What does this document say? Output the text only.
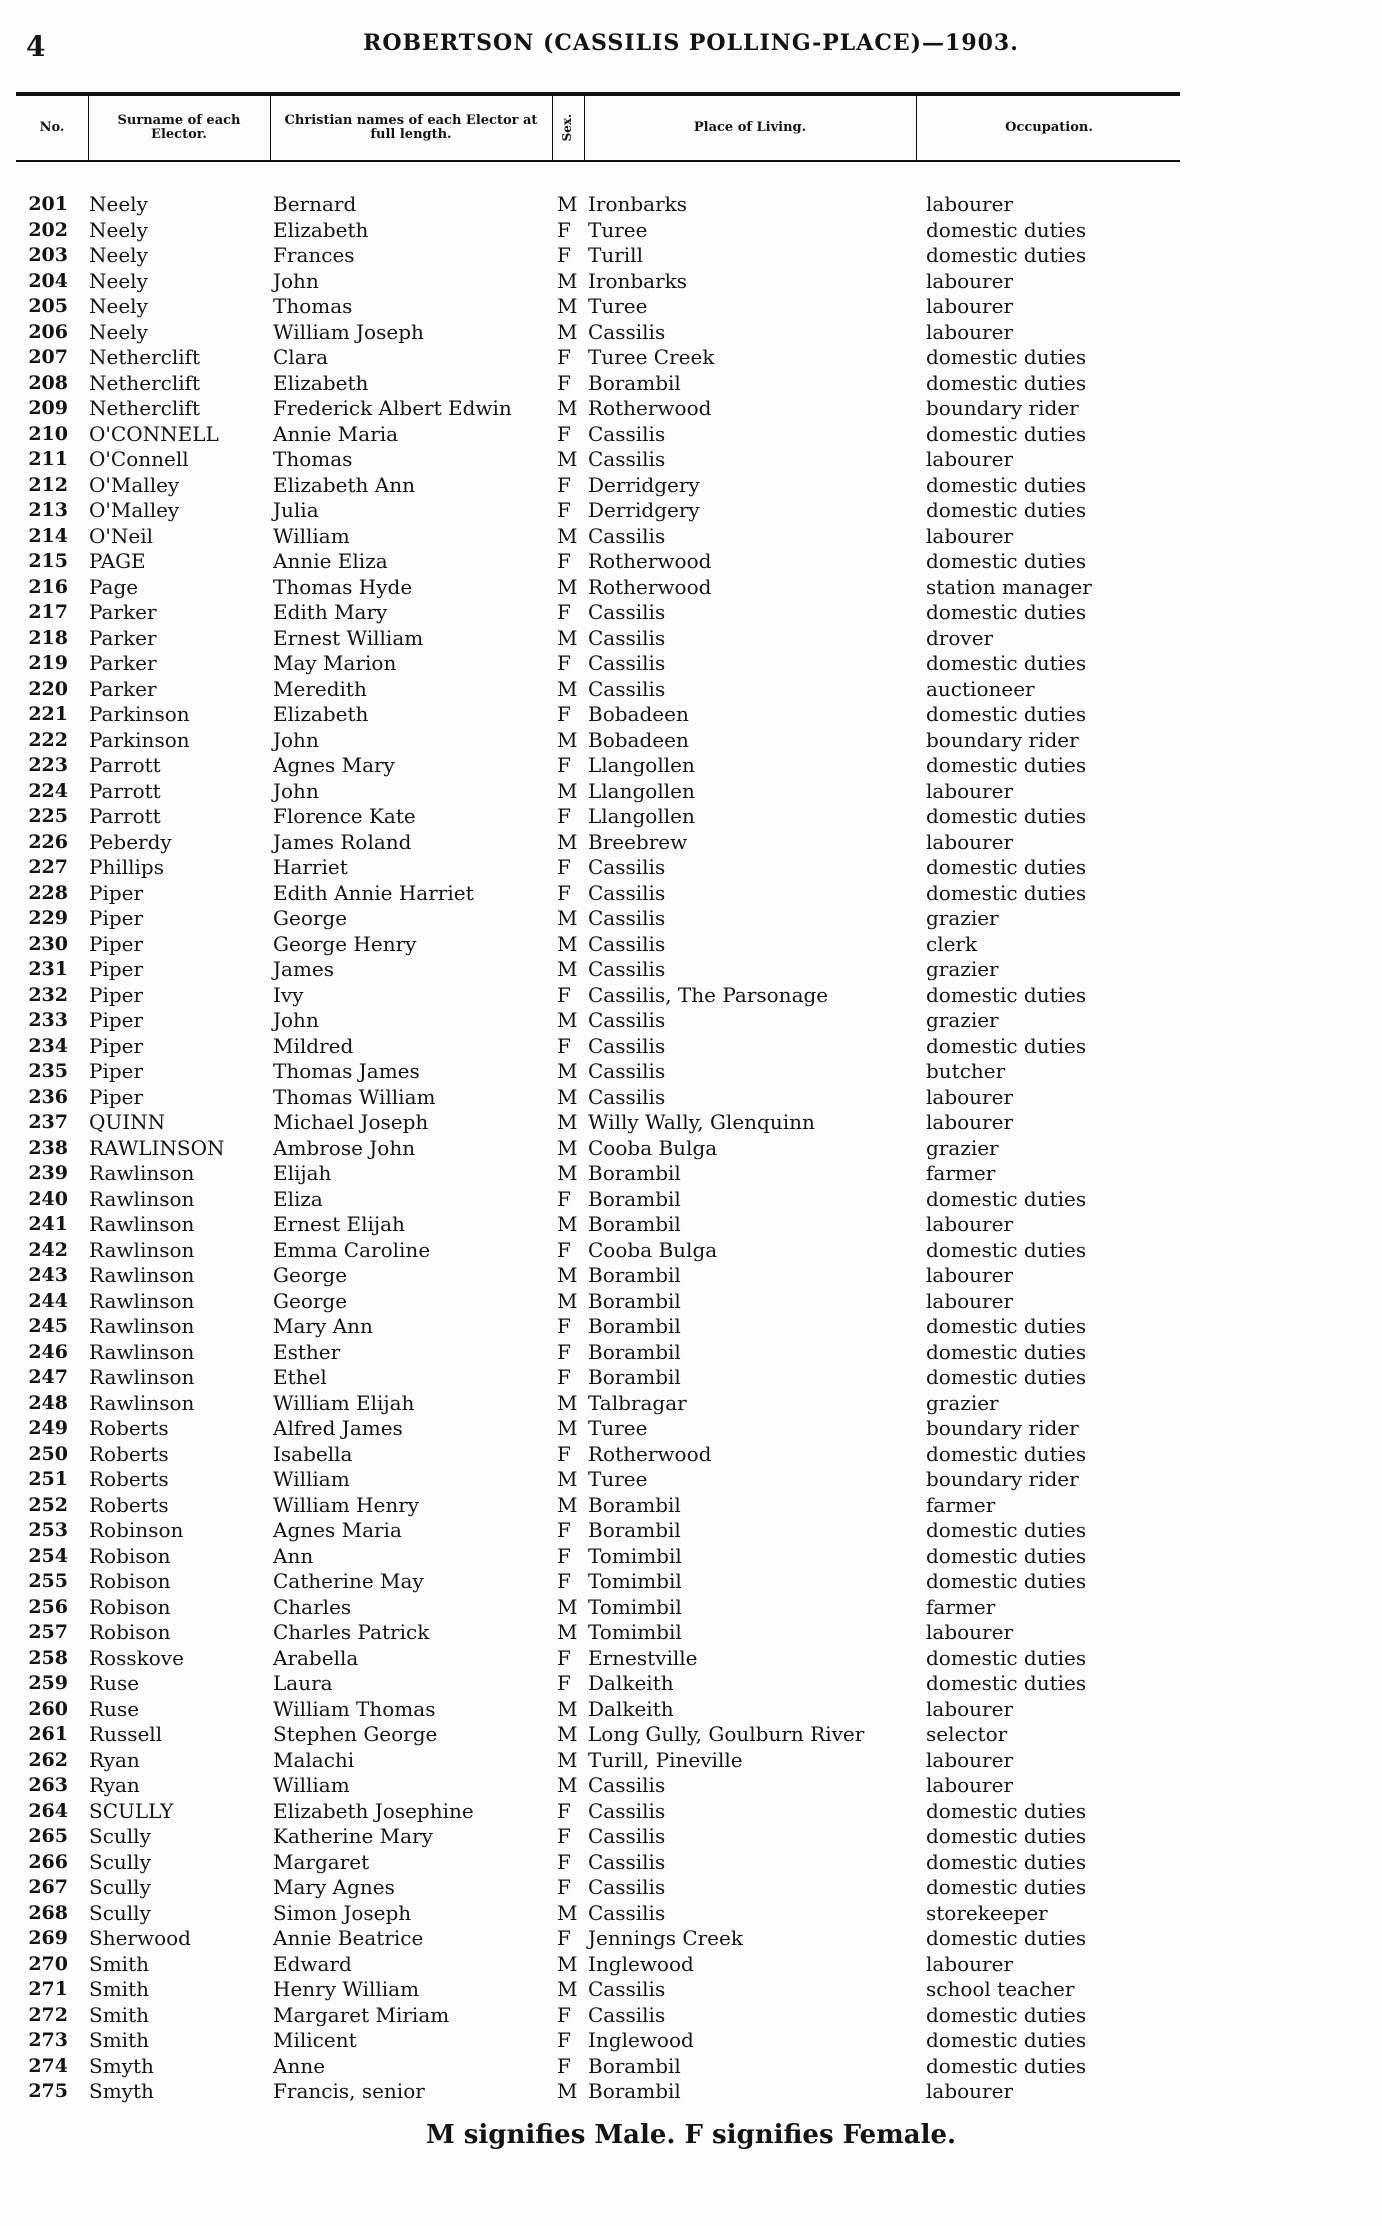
4	ROBERTSON (CASSILIS POLLING-PLACE)—1903.
No.	Surname of each Elector.
Christian names of each Elector at full length.	Sex.	Place of Living.	Occupation.
201 Neely	Bernard	M Ironbarks	labourer
202 Neely	Elizabeth	F Turee	domestic duties
203 Neely	Frances	F Turill	domestic duties
204 Neely	John	M Ironbarks	labourer
205 Neely	Thomas	M Turee	labourer
206 Neely	William Joseph	M Cassilis	labourer
207 Netherclift	Clara	F Turee Creek	domestic duties
208 Netherclift	Elizabeth	F Borambil	domestic duties
209 Netherclift	Frederick Albert Edwin M Rotherwood	boundary rider
210 O'CONNELL	Annie Maria	F Cassilis	domestic duties
211 O'Connell	Thomas	M Cassilis	labourer
212 O'Malley	Elizabeth Ann	F Derridgery	domestic duties
213 O'Malley	Julia	F Derridgery	domestic duties
214 O'Neil	William	M Cassilis	labourer
215 PAGE	Annie Eliza	F Rotherwood	domestic duties
216 Page	Thomas Hyde	M Rotherwood	station manager
217 Parker	Edith Mary	F Cassilis	domestic duties
218 Parker	Ernest William	M Cassilis	drover
219 Parker	May Marion	F Cassilis	domestic duties
220 Parker	Meredith	M Cassilis	auctioneer
221 Parkinson	Elizabeth	F Bobadeen	domestic duties
222 Parkinson	John	M Bobadeen	boundary rider
223 Parrott	Agnes Mary	F Llangollen	domestic duties
224 Parrott	John	M Llangollen	labourer
225 Parrott	Florence Kate	F Llangollen	domestic duties
226 Peberdy	James Roland	M Breebrew	labourer
227 Phillips	Harriet	F Cassilis	domestic duties
228 Piper	Edith Annie Harriet	F Cassilis	domestic duties
229 Piper	George	M Cassilis	grazier
230 Piper	George Henry	M Cassilis	clerk
231 Piper	James	M Cassilis	grazier
232 Piper	Ivy	F Cassilis, The Parsonage	domestic duties
233 Piper	John	M Cassilis	grazier
234 Piper	Mildred	F Cassilis	domestic duties
235 Piper	Thomas James	M Cassilis	butcher
236 Piper	Thomas William	M Cassilis	labourer
237 QUINN	Michael Joseph	M Willy Wally, Glenquinn	labourer
238 RAWLINSON Ambrose John	M Cooba Bulga	grazier
239 Rawlinson	Elijah	M Borambil	farmer
240 Rawlinson	Eliza	F Borambil	domestic duties
241 Rawlinson	Ernest Elijah	M Borambil	labourer
242 Rawlinson	Emma Caroline	F Cooba Bulga	domestic duties
243 Rawlinson	George	M Borambil	labourer
244 Rawlinson	George	M Borambil	labourer
245 Rawlinson	Mary Ann	F Borambil	domestic duties
246 Rawlinson	Esther	F Borambil	domestic duties
247 Rawlinson	Ethel	F Borambil	domestic duties
248 Rawlinson	William Elijah	M Talbragar	grazier
249 Roberts	Alfred James	M Turee	boundary rider
250 Roberts	Isabella	F Rotherwood	domestic duties
251 Roberts	William	M Turee	boundary rider
252 Roberts	William Henry	M Borambil	farmer
253 Robinson	Agnes Maria	F Borambil	domestic duties
254 Robison	Ann	F Tomimbil	domestic duties
255 Robison	Catherine May	F Tomimbil	domestic duties
256 Robison	Charles	M Tomimbil	farmer
257 Robison	Charles Patrick	M Tomimbil	labourer
258 Rosskove	Arabella	F Ernestville	domestic duties
259 Ruse	Laura	F Dalkeith	domestic duties
260 Ruse	William Thomas	M Dalkeith	labourer
261 Russell	Stephen George	M Long Gully, Goulburn River	selector
262 Ryan	Malachi	M Turill, Pineville	labourer
263 Ryan	William	M Cassilis	labourer
264 SCULLY	Elizabeth Josephine	F Cassilis	domestic duties
265 Scully	Katherine Mary	F Cassilis	domestic duties
266 Scully	Margaret	F Cassilis	domestic duties
267 Scully	Mary Agnes	F Cassilis	domestic duties
268 Scully	Simon Joseph	M Cassilis	storekeeper
269 Sherwood	Annie Beatrice	F Jennings Creek	domestic duties
270 Smith	Edward	M Inglewood	labourer
271 Smith	Henry William	M Cassilis	school teacher
272 Smith	Margaret Miriam	F Cassilis	domestic duties
273 Smith	Milicent	F Inglewood	domestic duties
274 Smyth	Anne	F Borambil	domestic duties
275 Smyth	Francis, senior	M Borambil	labourer
M signifies Male. F signifies Female.
